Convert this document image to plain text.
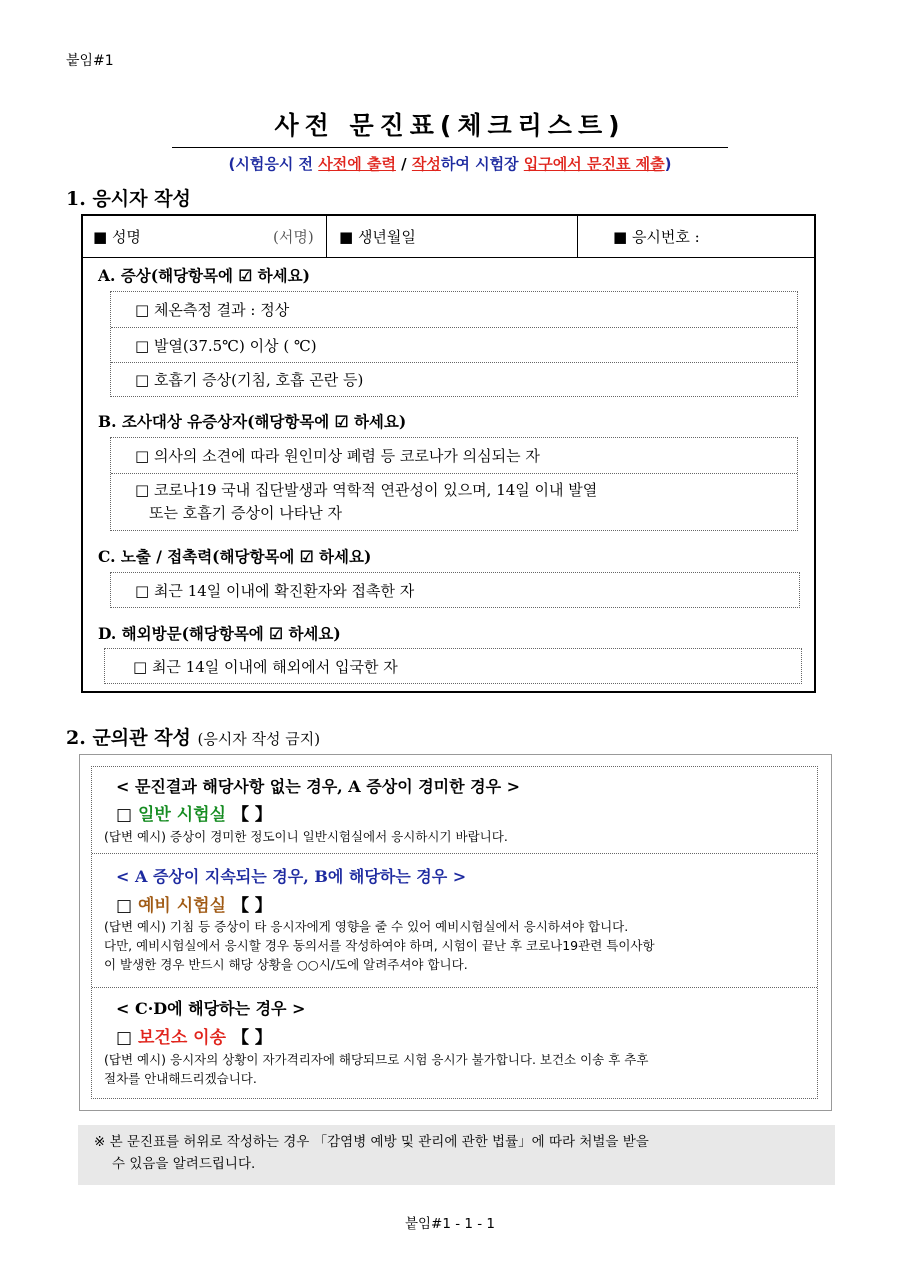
붙임#1
사전 문진표(체크리스트)
(시험응시 전 사전에 출력 / 작성하여 시험장 입구에서 문진표 제출)
1. 응시자 작성
■ 성명	(서명) ■ 생년월일	■ 응시번호 :
A. 증상(해당항목에 ☑ 하세요)
□ 체온측정 결과 : 정상
□ 발열(37.5℃) 이상 ( ℃)
□ 호흡기 증상(기침, 호흡 곤란 등)
B. 조사대상 유증상자(해당항목에 ☑ 하세요)
□ 의사의 소견에 따라 원인미상 폐렴 등 코로나가 의심되는 자
□ 코로나19 국내 집단발생과 역학적 연관성이 있으며, 14일 이내 발열
또는 호흡기 증상이 나타난 자
C. 노출 / 접촉력(해당항목에 ☑ 하세요)
□ 최근 14일 이내에 확진환자와 접촉한 자
D. 해외방문(해당항목에 ☑ 하세요)
□ 최근 14일 이내에 해외에서 입국한 자
2. 군의관 작성 (응시자 작성 금지)
< 문진결과 해당사항 없는 경우, A 증상이 경미한 경우 >
□ 일반 시험실 【 】
(답변 예시) 증상이 경미한 정도이니 일반시험실에서 응시하시기 바랍니다.
< A 증상이 지속되는 경우, B에 해당하는 경우 >
□ 예비 시험실 【 】
(답변 예시) 기침 등 증상이 타 응시자에게 영향을 줄 수 있어 예비시험실에서 응시하셔야 합니다.
다만, 예비시험실에서 응시할 경우 동의서를 작성하여야 하며, 시험이 끝난 후 코로나19관련 특이사항
이 발생한 경우 반드시 해당 상황을 ○○시/도에 알려주셔야 합니다.
< C·D에 해당하는 경우 >
□ 보건소 이송 【 】
(답변 예시) 응시자의 상황이 자가격리자에 해당되므로 시험 응시가 불가합니다. 보건소 이송 후 추후
절차를 안내해드리겠습니다.
※ 본 문진표를 허위로 작성하는 경우 「감염병 예방 및 관리에 관한 법률」에 따라 처벌을 받을
수 있음을 알려드립니다.
붙임#1 - 1 - 1
